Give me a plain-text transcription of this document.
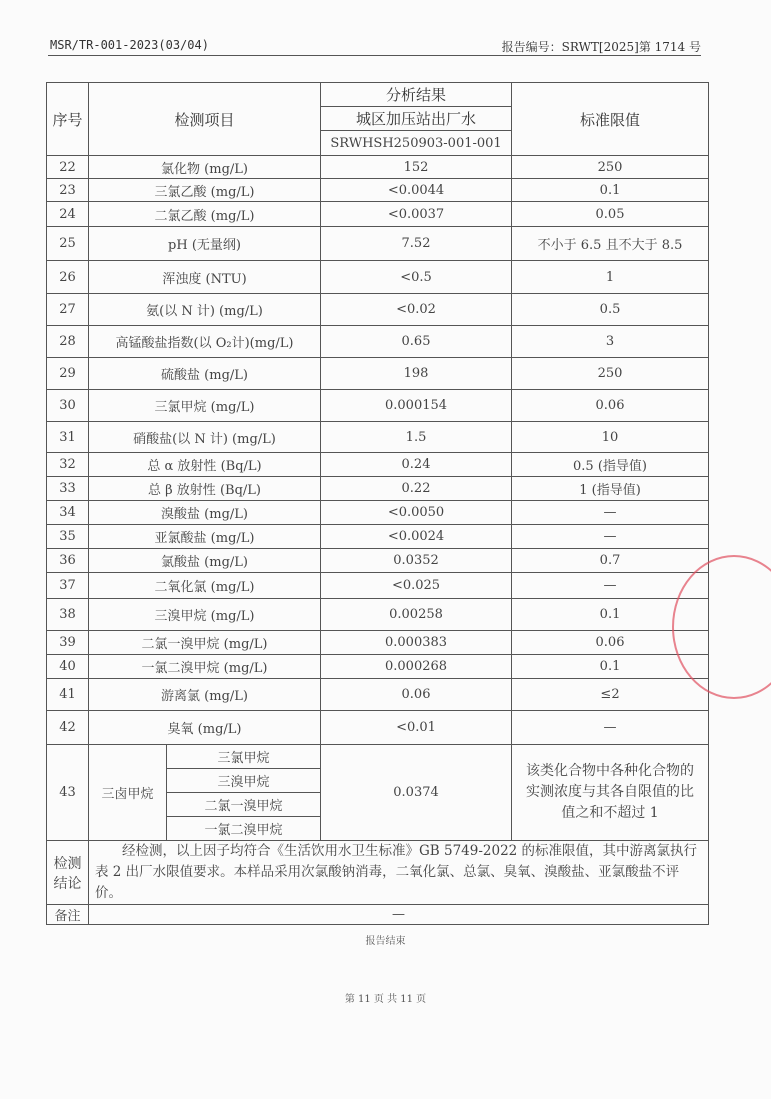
MSR/TR-001-2023(03/04)	报告编号：SRWT[2025]第 1714 号
序号	检测项目		分析结果	标准限值
			城区加压站出厂水	
			SRWHSH250903-001-001	
22	氯化物 (mg/L)		152	250
23	三氯乙酸 (mg/L)		<0.0044	0.1
24	二氯乙酸 (mg/L)		<0.0037	0.05
25	pH (无量纲)		7.52	不小于 6.5 且不大于 8.5
26	浑浊度 (NTU)		<0.5	1
27	氨(以 N 计) (mg/L)		<0.02	0.5
28	高锰酸盐指数(以 O₂计)(mg/L)		0.65	3
29	硫酸盐 (mg/L)		198	250
30	三氯甲烷 (mg/L)		0.000154	0.06
31	硝酸盐(以 N 计) (mg/L)		1.5	10
32	总 α 放射性 (Bq/L)		0.24	0.5 (指导值)
33	总 β 放射性 (Bq/L)		0.22	1 (指导值)
34	溴酸盐 (mg/L)		<0.0050	—
35	亚氯酸盐 (mg/L)		<0.0024	—
36	氯酸盐 (mg/L)		0.0352	0.7
37	二氧化氯 (mg/L)		<0.025	—
38	三溴甲烷 (mg/L)		0.00258	0.1
39	二氯一溴甲烷 (mg/L)		0.000383	0.06
40	一氯二溴甲烷 (mg/L)		0.000268	0.1
41	游离氯 (mg/L)		0.06	≤2
42	臭氧 (mg/L)		<0.01	—
43	三卤甲烷	三氯甲烷	0.0374	该类化合物中各种化合物的实测浓度与其各自限值的比值之和不超过 1
		三溴甲烷		
		二氯一溴甲烷		
		一氯二溴甲烷		
检测结论	经检测，以上因子均符合《生活饮用水卫生标准》GB 5749-2022 的标准限值，其中游离氯执行表 2 出厂水限值要求。本样品采用次氯酸钠消毒，二氧化氯、总氯、臭氧、溴酸盐、亚氯酸盐不评价。			
备注	—			
报告结束
第 11 页 共 11 页
